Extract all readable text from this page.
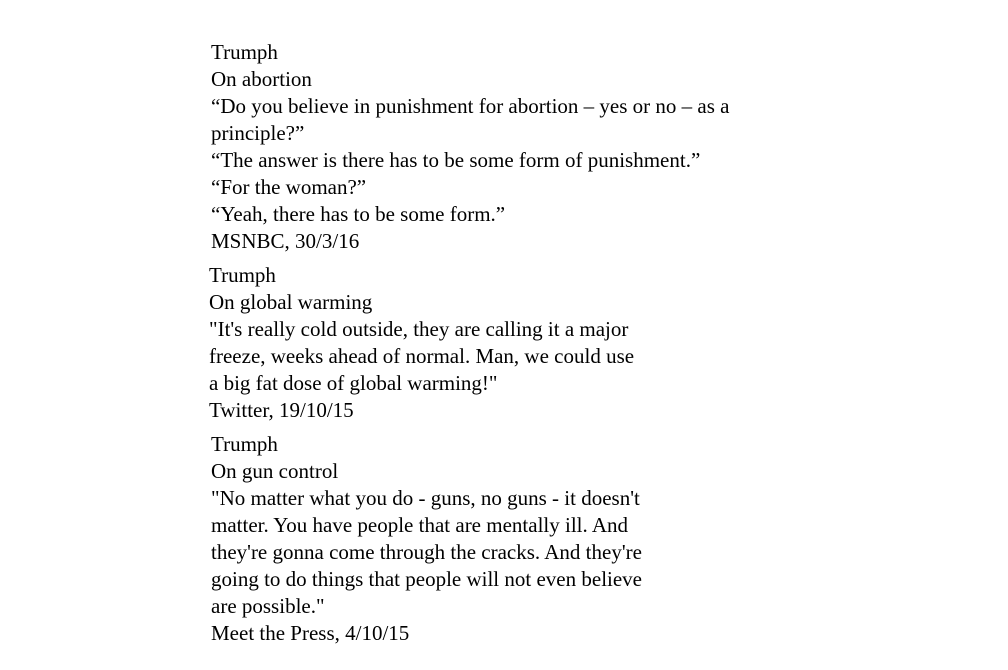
Trumph
On abortion
“Do you believe in punishment for abortion – yes or no – as a
principle?”
“The answer is there has to be some form of punishment.”
“For the woman?”
“Yeah, there has to be some form.”
MSNBC, 30/3/16
Trumph
On global warming
"It's really cold outside, they are calling it a major
freeze, weeks ahead of normal. Man, we could use
a big fat dose of global warming!"
Twitter, 19/10/15
Trumph
On gun control
"No matter what you do - guns, no guns - it doesn't
matter. You have people that are mentally ill. And
they're gonna come through the cracks. And they're
going to do things that people will not even believe
are possible."
Meet the Press, 4/10/15
